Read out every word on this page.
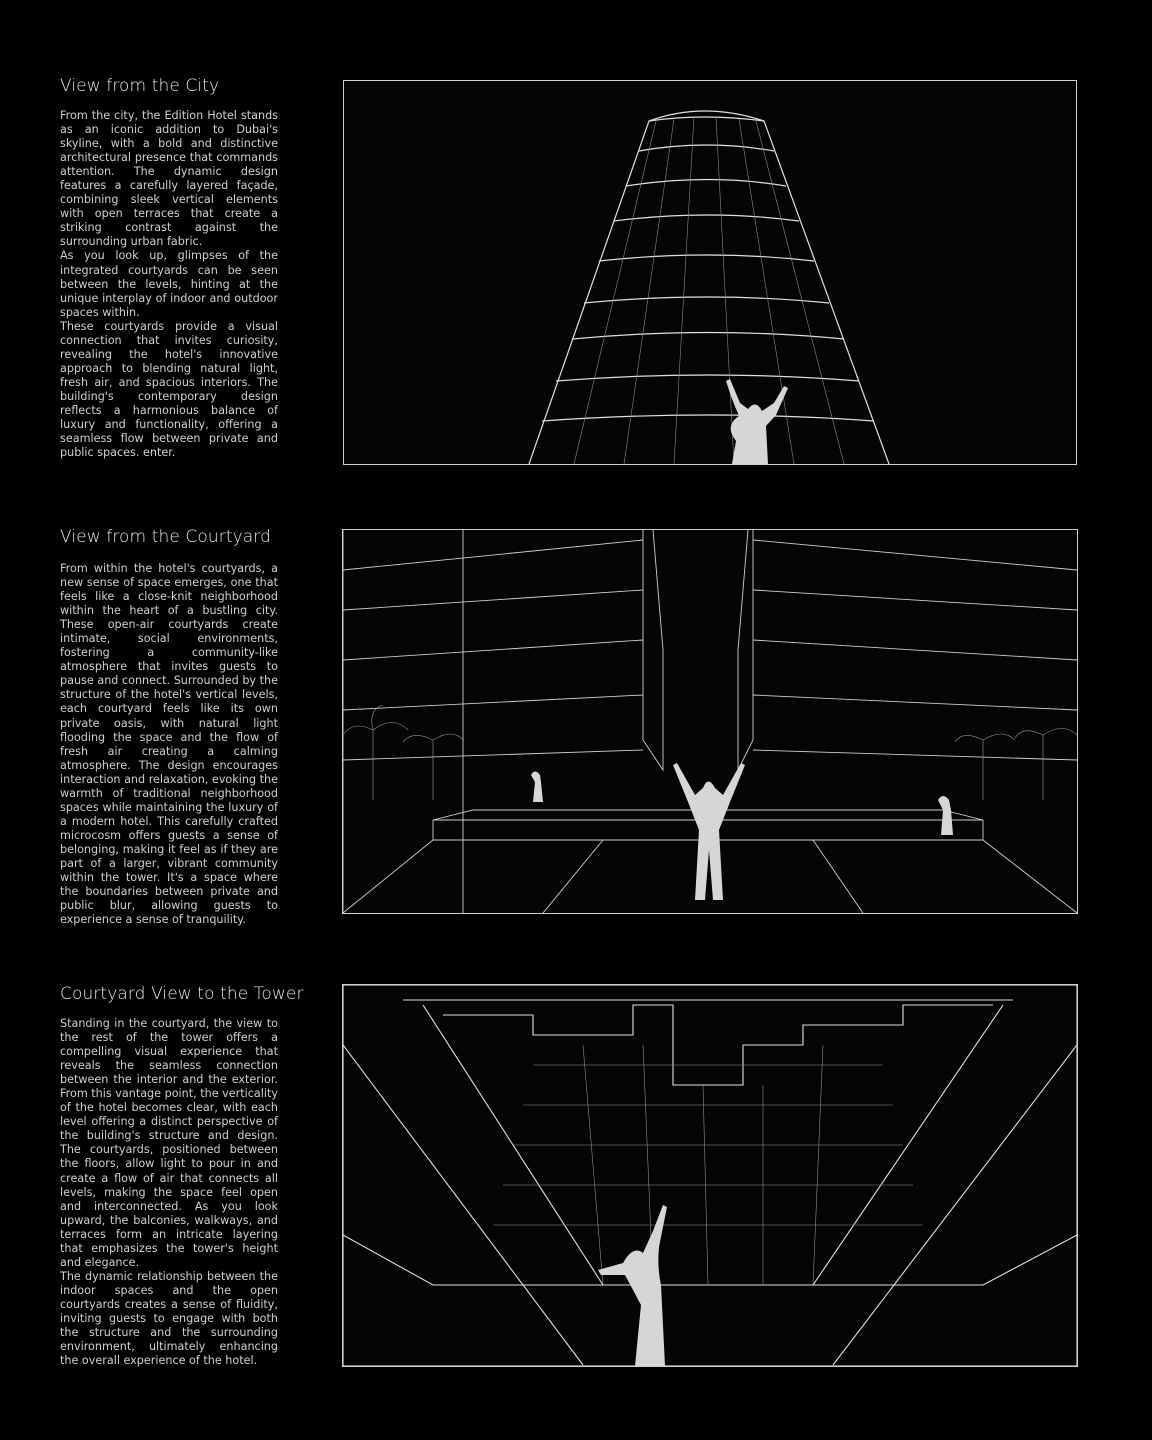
View from the City

From the city, the Edition Hotel stands as an iconic addition to Dubai's skyline, with a bold and distinctive architectural presence that commands attention. The dynamic design features a carefully layered façade, combining sleek vertical elements with open terraces that create a striking contrast against the surrounding urban fabric.
As you look up, glimpses of the integrated courtyards can be seen between the levels, hinting at the unique interplay of indoor and outdoor spaces within.
These courtyards provide a visual connection that invites curiosity, revealing the hotel's innovative approach to blending natural light, fresh air, and spacious interiors. The building's contemporary design reflects a harmonious balance of luxury and functionality, offering a seamless flow between private and public spaces. enter.

View from the Courtyard

From within the hotel's courtyards, a new sense of space emerges, one that feels like a close-knit neighborhood within the heart of a bustling city. These open-air courtyards create intimate, social environments, fostering a community-like atmosphere that invites guests to pause and connect. Surrounded by the structure of the hotel's vertical levels, each courtyard feels like its own private oasis, with natural light flooding the space and the flow of fresh air creating a calming atmosphere. The design encourages interaction and relaxation, evoking the warmth of traditional neighborhood spaces while maintaining the luxury of a modern hotel. This carefully crafted microcosm offers guests a sense of belonging, making it feel as if they are part of a larger, vibrant community within the tower. It's a space where the boundaries between private and public blur, allowing guests to experience a sense of tranquility.

Courtyard View to the Tower

Standing in the courtyard, the view to the rest of the tower offers a compelling visual experience that reveals the seamless connection between the interior and the exterior. From this vantage point, the verticality of the hotel becomes clear, with each level offering a distinct perspective of the building's structure and design. The courtyards, positioned between the floors, allow light to pour in and create a flow of air that connects all levels, making the space feel open and interconnected. As you look upward, the balconies, walkways, and terraces form an intricate layering that emphasizes the tower's height and elegance.
The dynamic relationship between the indoor spaces and the open courtyards creates a sense of fluidity, inviting guests to engage with both the structure and the surrounding environment, ultimately enhancing the overall experience of the hotel.
